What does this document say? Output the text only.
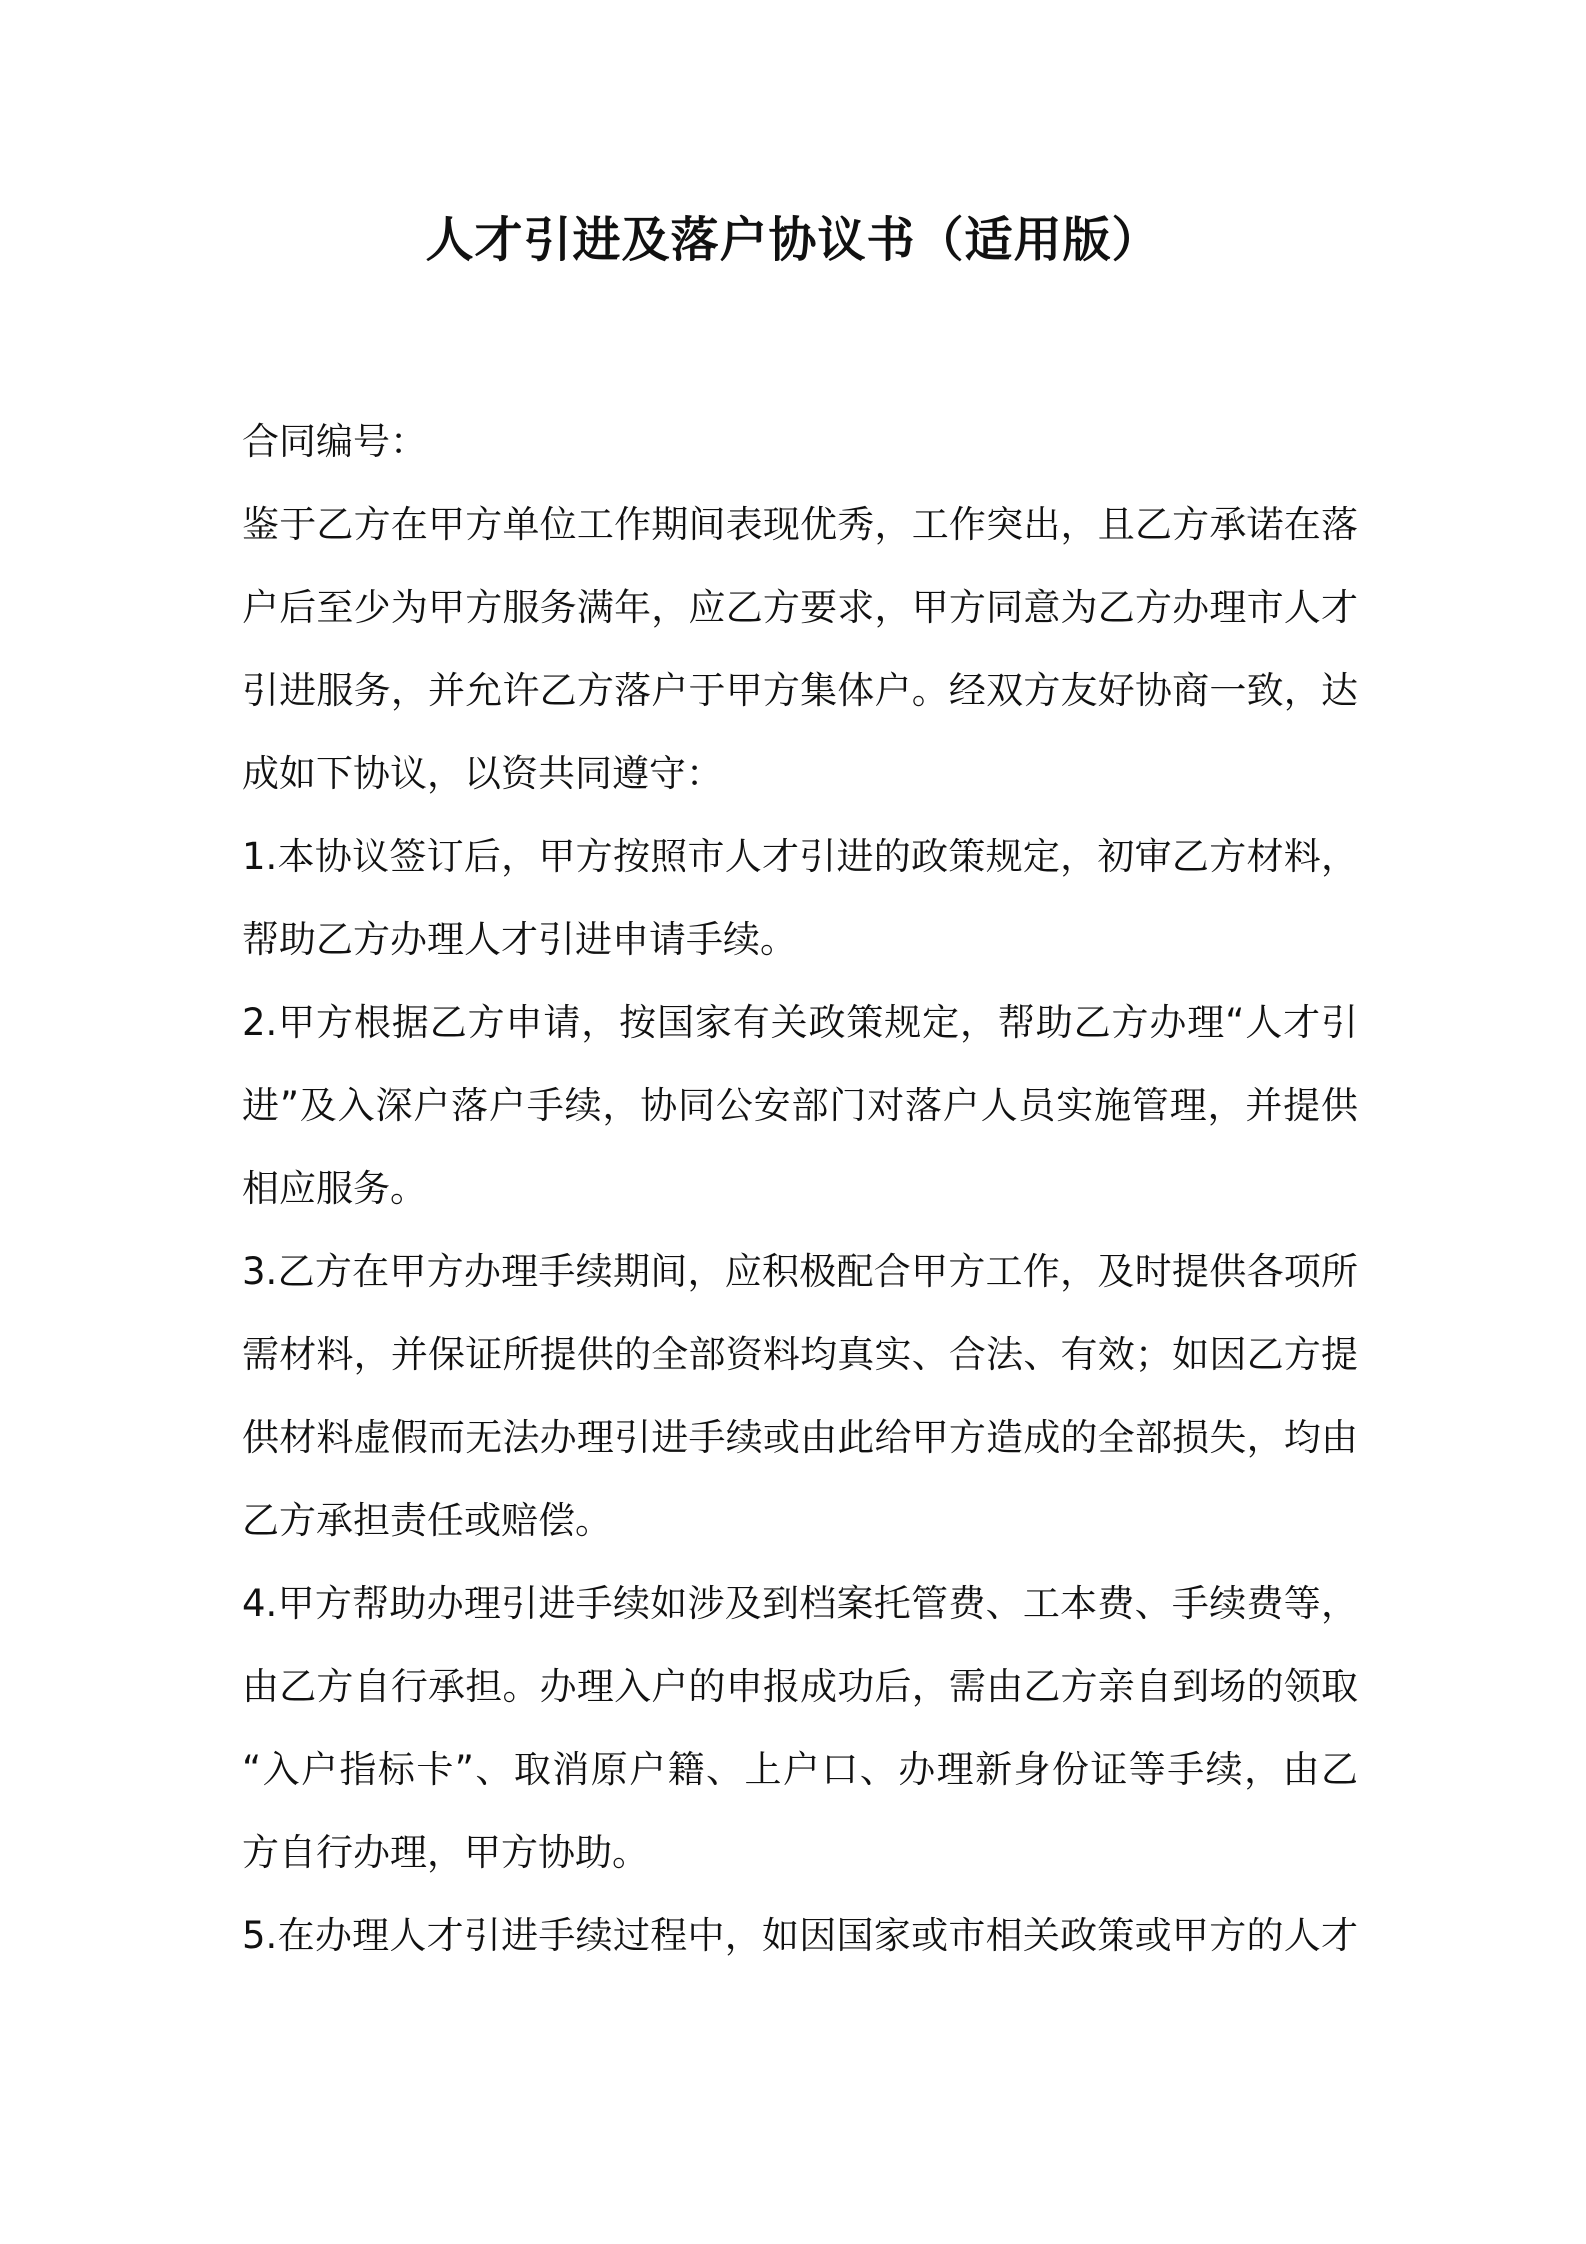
人才引进及落户协议书（适用版）
合同编号：
鉴于乙方在甲方单位工作期间表现优秀，工作突出，且乙方承诺在落
户后至少为甲方服务满年，应乙方要求，甲方同意为乙方办理市人才
引进服务，并允许乙方落户于甲方集体户。经双方友好协商一致，达
成如下协议，以资共同遵守：
1.本协议签订后，甲方按照市人才引进的政策规定，初审乙方材料，
帮助乙方办理人才引进申请手续。
2.甲方根据乙方申请，按国家有关政策规定，帮助乙方办理“人才引
进”及入深户落户手续，协同公安部门对落户人员实施管理，并提供
相应服务。
3.乙方在甲方办理手续期间，应积极配合甲方工作，及时提供各项所
需材料，并保证所提供的全部资料均真实、合法、有效；如因乙方提
供材料虚假而无法办理引进手续或由此给甲方造成的全部损失，均由
乙方承担责任或赔偿。
4.甲方帮助办理引进手续如涉及到档案托管费、工本费、手续费等，
由乙方自行承担。办理入户的申报成功后，需由乙方亲自到场的领取
“入户指标卡”、取消原户籍、上户口、办理新身份证等手续，由乙
方自行办理，甲方协助。
5.在办理人才引进手续过程中，如因国家或市相关政策或甲方的人才
